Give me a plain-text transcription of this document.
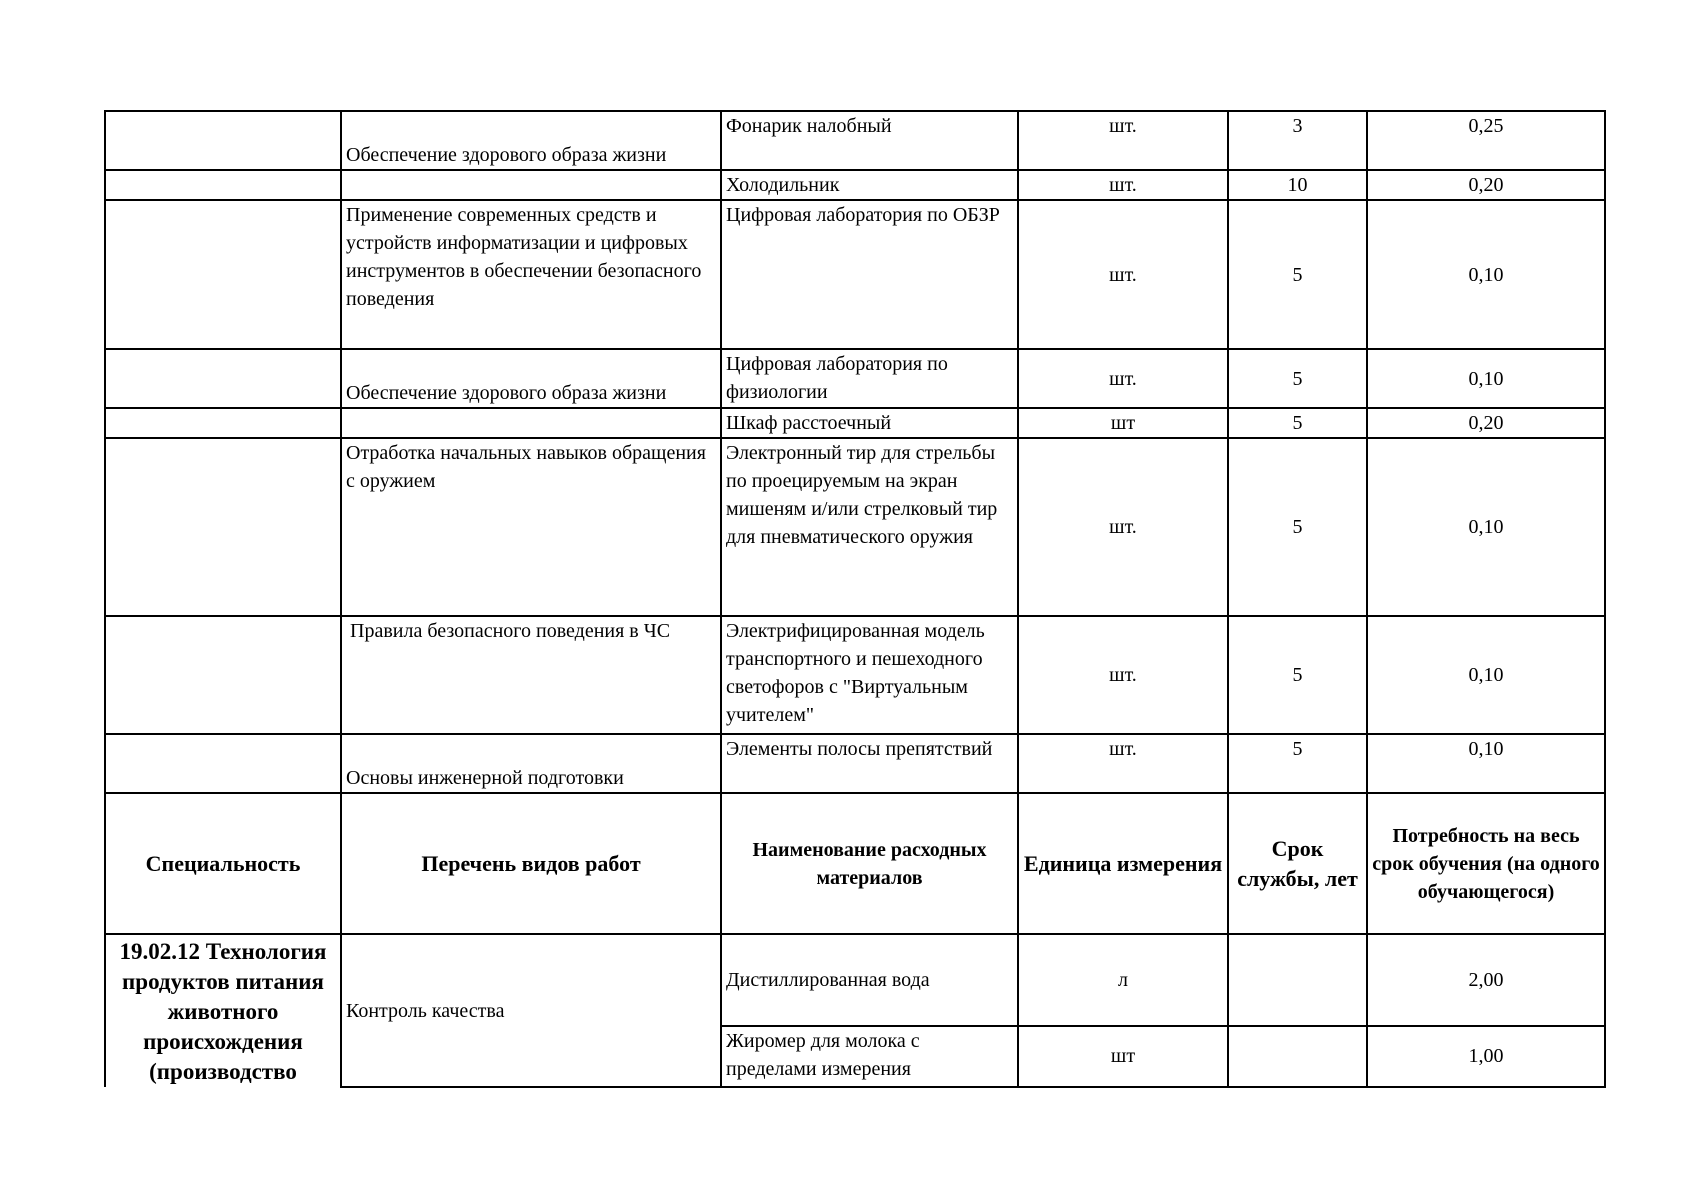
	Обеспечение здорового образа жизни	Фонарик налобный	шт.	3	0,25
		Холодильник	шт.	10	0,20
	Применение современных средств и устройств информатизации и цифровых инструментов в обеспечении безопасного поведения	Цифровая лаборатория по ОБЗР	шт.	5	0,10
	Обеспечение здорового образа жизни	Цифровая лаборатория по физиологии	шт.	5	0,10
		Шкаф расстоечный	шт	5	0,20
	Отработка начальных навыков обращения с оружием	Электронный тир для стрельбы по проецируемым на экран мишеням и/или стрелковый тир для пневматического оружия	шт.	5	0,10
	Правила безопасного поведения в ЧС	Электрифицированная модель транспортного и пешеходного светофоров с "Виртуальным учителем"	шт.	5	0,10
	Основы инженерной подготовки	Элементы полосы препятствий	шт.	5	0,10
Специальность	Перечень видов работ	Наименование расходных материалов	Единица измерения	Срок службы, лет	Потребность на весь срок обучения (на одного обучающегося)
19.02.12 Технология продуктов питания животного происхождения (производство	Контроль качества	Дистиллированная вода	л		2,00
		Жиромер для молока с пределами измерения	шт		1,00
